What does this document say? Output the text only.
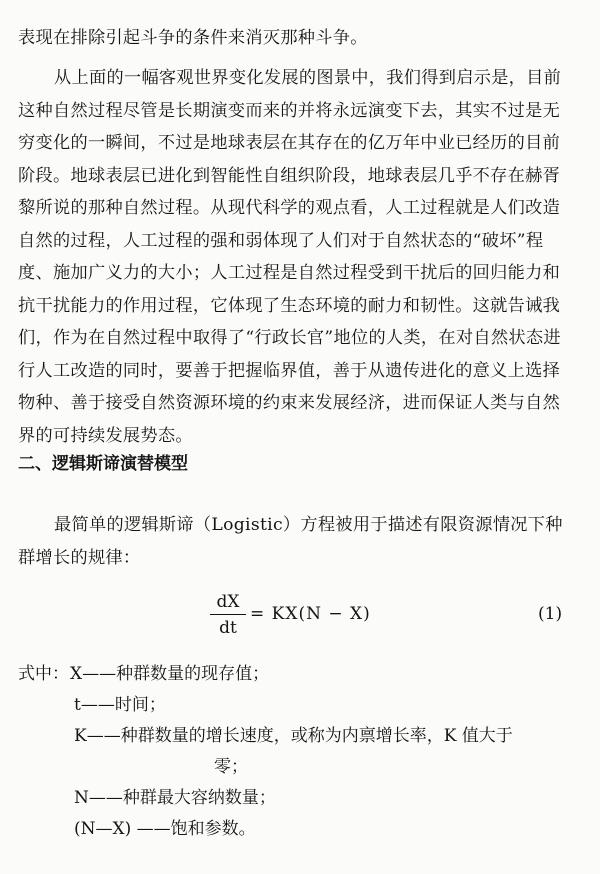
表现在排除引起斗争的条件来消灭那种斗争。

从上面的一幅客观世界变化发展的图景中，我们得到启示是，目前这种自然过程尽管是长期演变而来的并将永远演变下去，其实不过是无穷变化的一瞬间，不过是地球表层在其存在的亿万年中业已经历的目前阶段。地球表层已进化到智能性自组织阶段，地球表层几乎不存在赫胥黎所说的那种自然过程。从现代科学的观点看，人工过程就是人们改造自然的过程，人工过程的强和弱体现了人们对于自然状态的“破坏”程度、施加广义力的大小；人工过程是自然过程受到干扰后的回归能力和抗干扰能力的作用过程，它体现了生态环境的耐力和韧性。这就告诫我们，作为在自然过程中取得了“行政长官”地位的人类，在对自然状态进行人工改造的同时，要善于把握临界值，善于从遗传进化的意义上选择物种、善于接受自然资源环境的约束来发展经济，进而保证人类与自然界的可持续发展势态。

二、逻辑斯谛演替模型

最简单的逻辑斯谛（Logistic）方程被用于描述有限资源情况下种群增长的规律：

dX
dt
= KX(N − X)	(1)
式中： X——种群数量的现存值；
t——时间；
K——种群数量的增长速度，或称为内禀增长率，K 值大于
零；
N——种群最大容纳数量；
(N—X) ——饱和参数。
